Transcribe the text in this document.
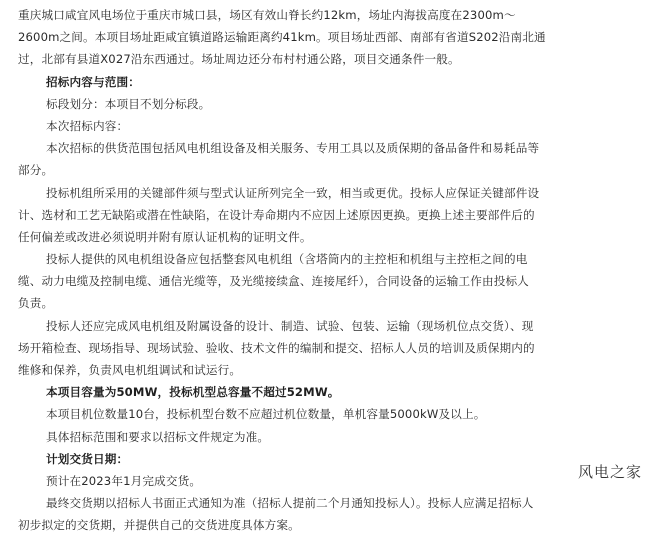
重庆城口咸宜风电场位于重庆市城口县，场区有效山脊长约12km，场址内海拔高度在2300m～
2600m之间。本项目场址距咸宜镇道路运输距离约41km。项目场址西部、南部有省道S202沿南北通
过，北部有县道X027沿东西通过。场址周边还分布村村通公路，项目交通条件一般。
招标内容与范围：
标段划分：本项目不划分标段。
本次招标内容：
本次招标的供货范围包括风电机组设备及相关服务、专用工具以及质保期的备品备件和易耗品等
部分。
投标机组所采用的关键部件须与型式认证所列完全一致，相当或更优。投标人应保证关键部件设
计、选材和工艺无缺陷或潜在性缺陷，在设计寿命期内不应因上述原因更换。更换上述主要部件后的
任何偏差或改进必须说明并附有原认证机构的证明文件。
投标人提供的风电机组设备应包括整套风电机组（含塔筒内的主控柜和机组与主控柜之间的电
缆、动力电缆及控制电缆、通信光缆等，及光缆接续盒、连接尾纤），合同设备的运输工作由投标人
负责。
投标人还应完成风电机组及附属设备的设计、制造、试验、包装、运输（现场机位点交货）、现
场开箱检查、现场指导、现场试验、验收、技术文件的编制和提交、招标人人员的培训及质保期内的
维修和保养，负责风电机组调试和试运行。
本项目容量为50MW，投标机型总容量不超过52MW。
本项目机位数量10台，投标机型台数不应超过机位数量，单机容量5000kW及以上。
具体招标范围和要求以招标文件规定为准。
计划交货日期：
预计在2023年1月完成交货。
最终交货期以招标人书面正式通知为准（招标人提前二个月通知投标人）。投标人应满足招标人
初步拟定的交货期，并提供自己的交货进度具体方案。
风电之家
